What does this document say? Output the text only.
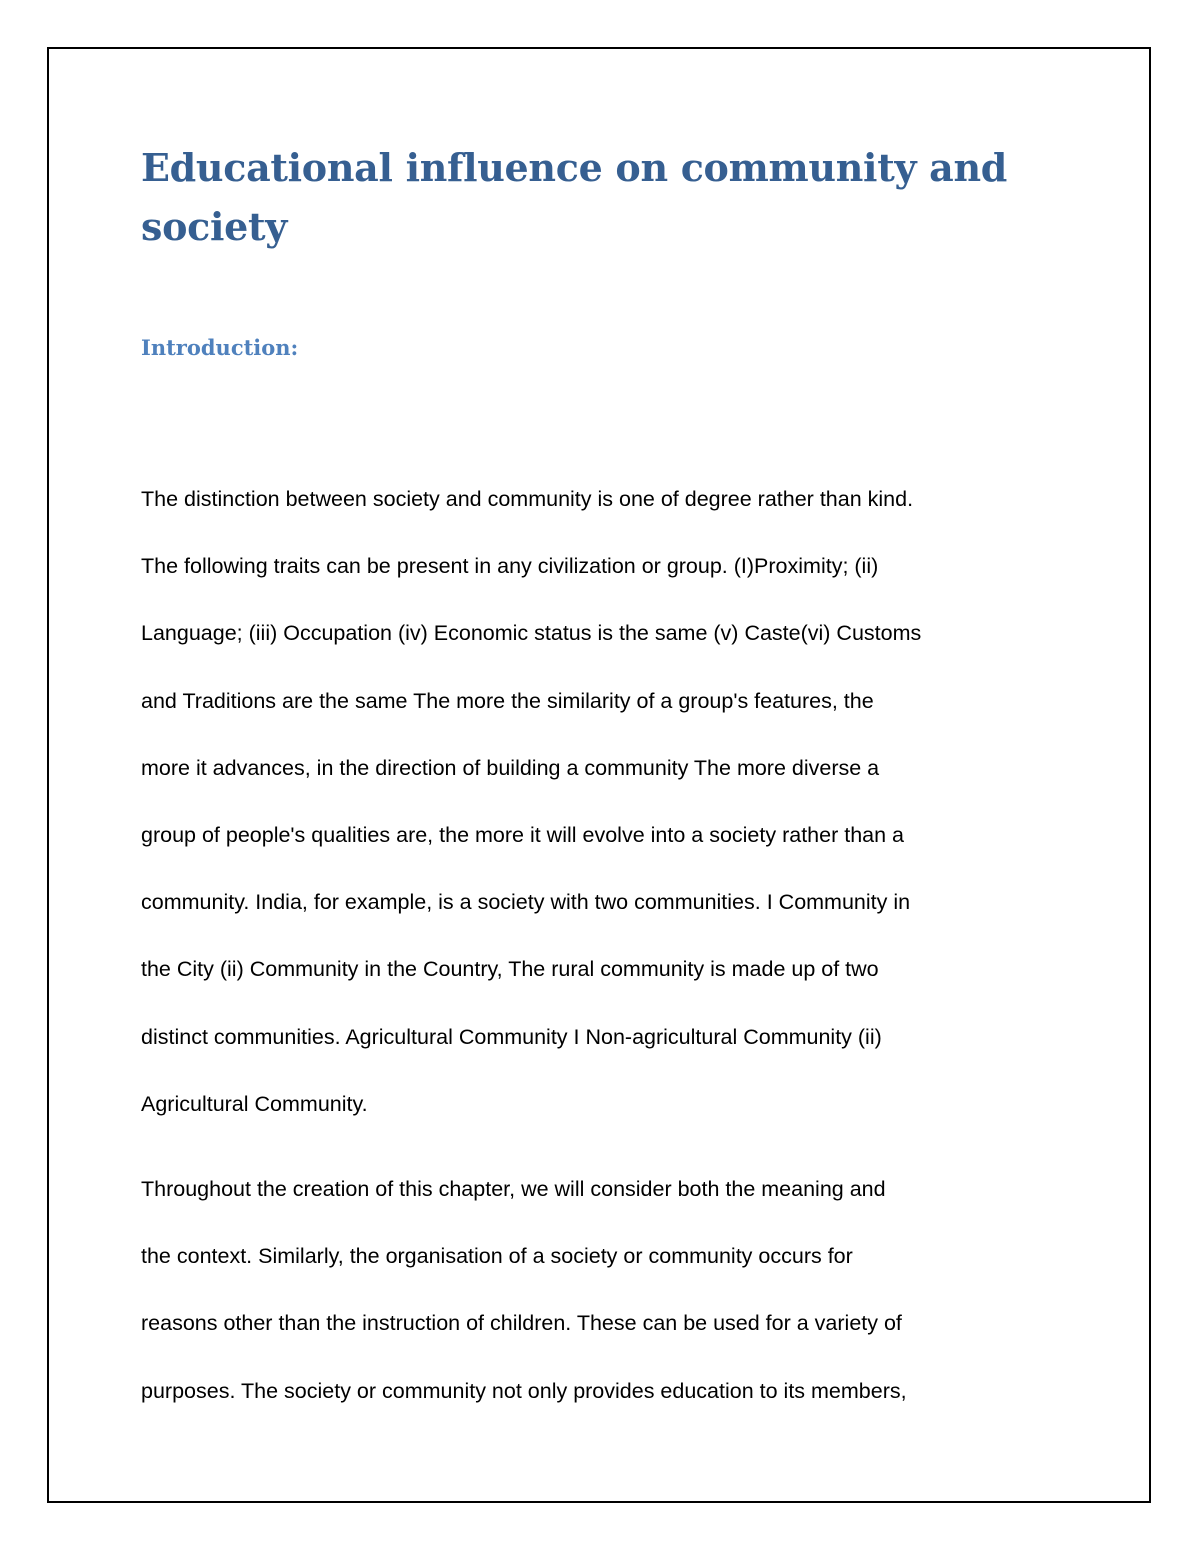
Educational influence on community and
society
Introduction:
The distinction between society and community is one of degree rather than kind.
The following traits can be present in any civilization or group. (I)Proximity; (ii)
Language; (iii) Occupation (iv) Economic status is the same (v) Caste(vi) Customs
and Traditions are the same The more the similarity of a group's features, the
more it advances, in the direction of building a community The more diverse a
group of people's qualities are, the more it will evolve into a society rather than a
community. India, for example, is a society with two communities. I Community in
the City (ii) Community in the Country, The rural community is made up of two
distinct communities. Agricultural Community I Non-agricultural Community (ii)
Agricultural Community.
Throughout the creation of this chapter, we will consider both the meaning and
the context. Similarly, the organisation of a society or community occurs for
reasons other than the instruction of children. These can be used for a variety of
purposes. The society or community not only provides education to its members,
